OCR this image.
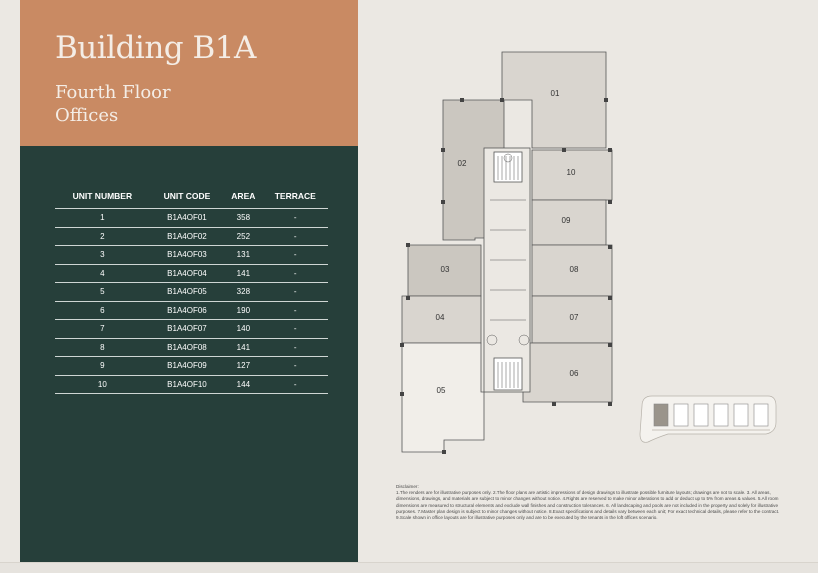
Building B1A
Fourth Floor
Offices
UNIT NUMBER	UNIT CODE	AREA	TERRACE
1	B1A4OF01	358	-
2	B1A4OF02	252	-
3	B1A4OF03	131	-
4	B1A4OF04	141	-
5	B1A4OF05	328	-
6	B1A4OF06	190	-
7	B1A4OF07	140	-
8	B1A4OF08	141	-
9	B1A4OF09	127	-
10	B1A4OF10	144	-
01
02
03
04
05
06
07
08
09
10
Disclaimer:
1.The renders are for illustrative purposes only. 2.The floor plans are artistic impressions of design drawings to illustrate possible furniture layouts; drawings are not to scale. 3. All areas, dimensions, drawings, and materials are subject to minor changes without notice. 4.Rights are reserved to make minor alterations to add or deduct up to 5% from areas & values. 5.All room dimensions are measured to structural elements and exclude wall finishes and construction tolerances. 6. All landscaping and pools are not included in the property and solely for illustrative purposes. 7.Master plan design is subject to minor changes without notice. 8.Exact specifications and details vary between each unit; For exact technical details, please refer to the contract. 9.Scale shown in office layouts are for illustrative purposes only and are to be executed by the tenants in the loft offices scenario.
